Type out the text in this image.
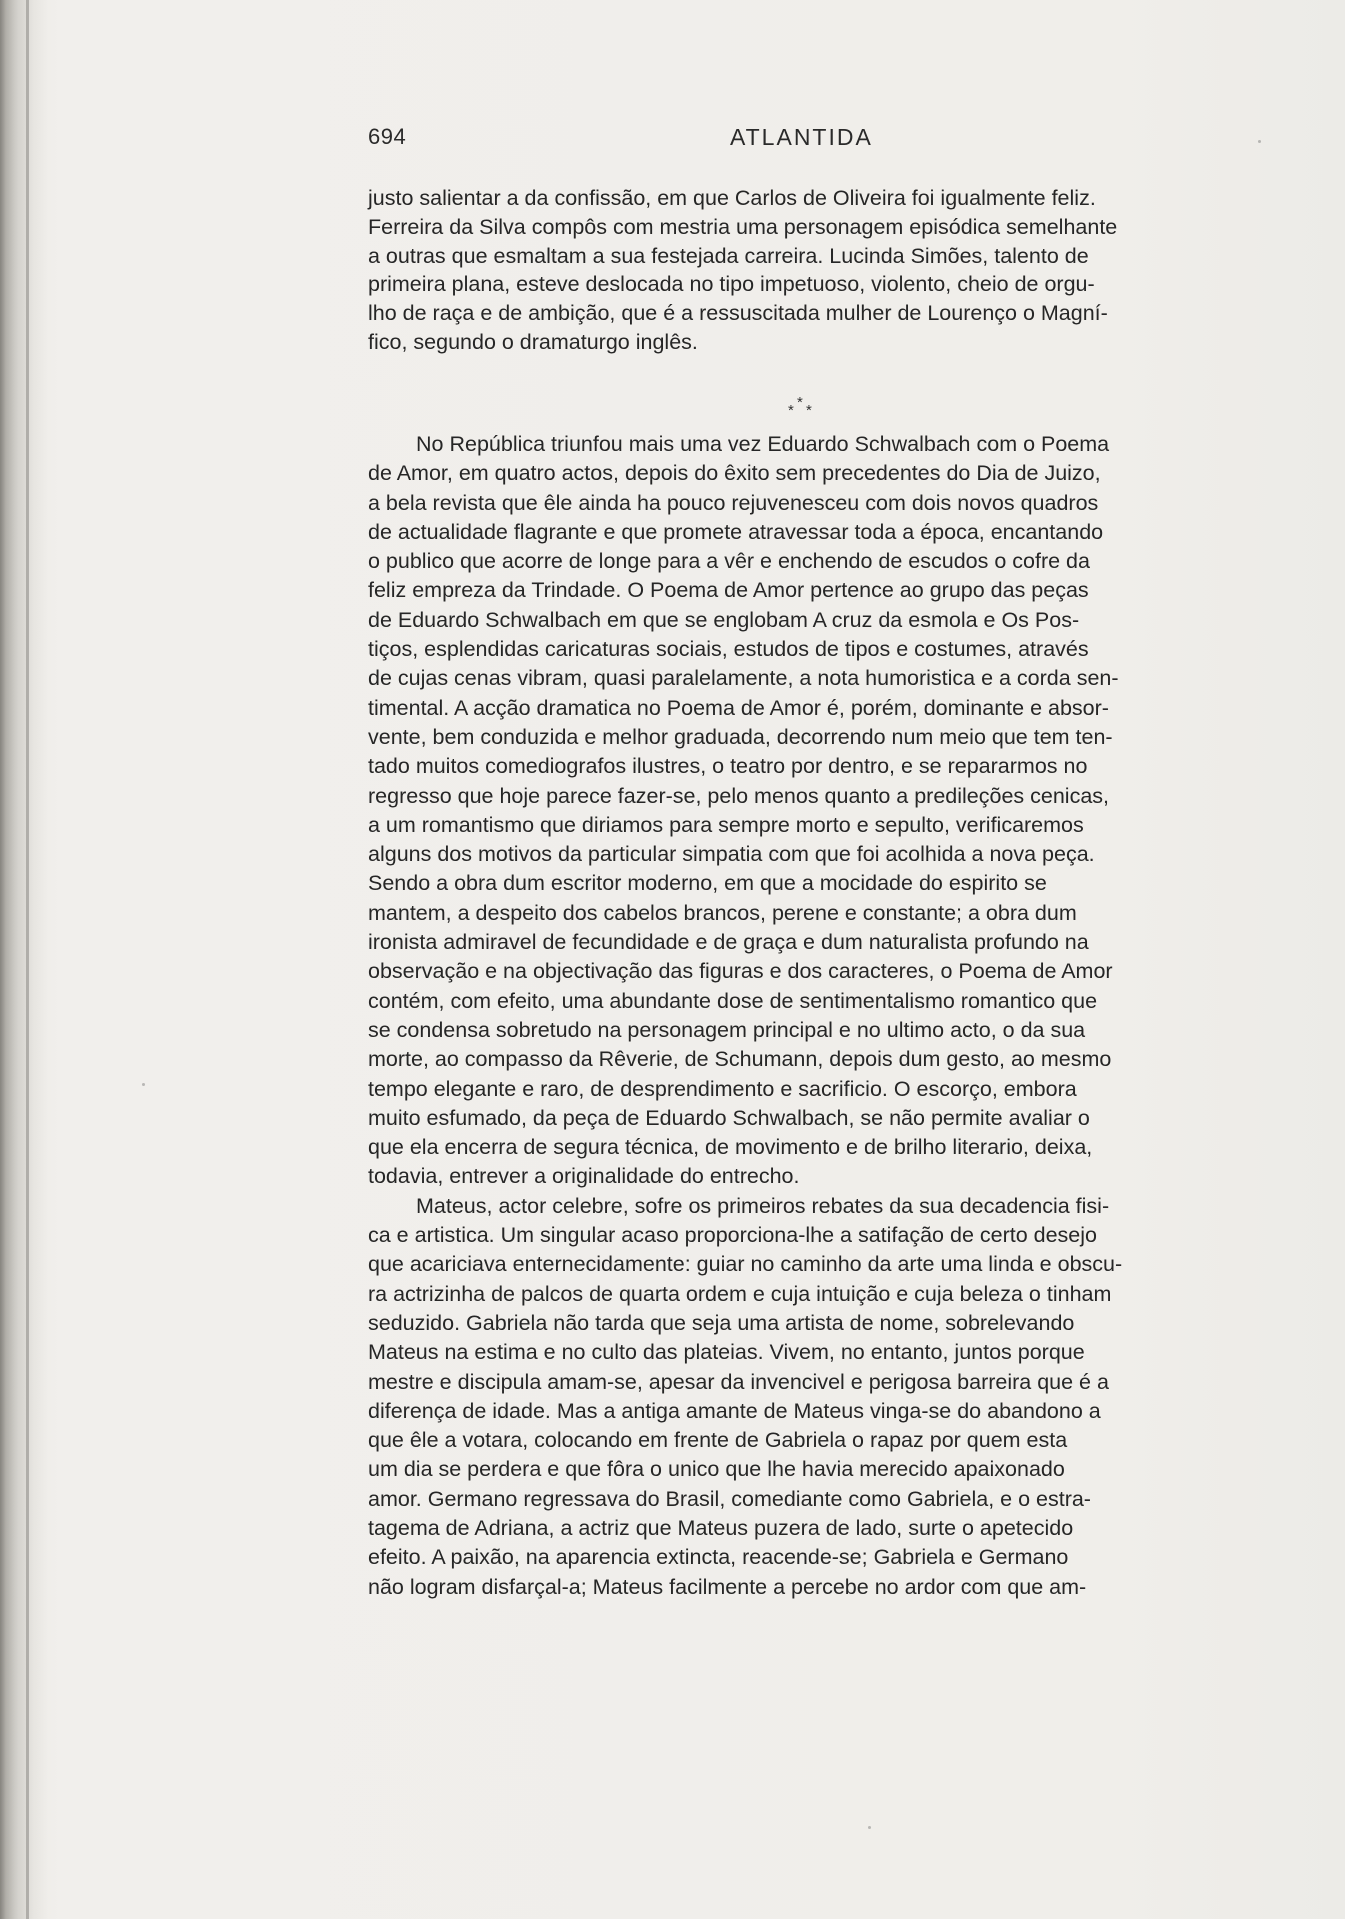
694	ATLANTIDA
justo salientar a da confissão, em que Carlos de Oliveira foi igualmente feliz.
Ferreira da Silva compôs com mestria uma personagem episódica semelhante
a outras que esmaltam a sua festejada carreira. Lucinda Simões, talento de
primeira plana, esteve deslocada no tipo impetuoso, violento, cheio de orgu-
lho de raça e de ambição, que é a ressuscitada mulher de Lourenço o Magní-
fico, segundo o dramaturgo inglês.
*
* *
No República triunfou mais uma vez Eduardo Schwalbach com o Poema
de Amor, em quatro actos, depois do êxito sem precedentes do Dia de Juizo,
a bela revista que êle ainda ha pouco rejuvenesceu com dois novos quadros
de actualidade flagrante e que promete atravessar toda a época, encantando
o publico que acorre de longe para a vêr e enchendo de escudos o cofre da
feliz empreza da Trindade. O Poema de Amor pertence ao grupo das peças
de Eduardo Schwalbach em que se englobam A cruz da esmola e Os Pos-
tiços, esplendidas caricaturas sociais, estudos de tipos e costumes, através
de cujas cenas vibram, quasi paralelamente, a nota humoristica e a corda sen-
timental. A acção dramatica no Poema de Amor é, porém, dominante e absor-
vente, bem conduzida e melhor graduada, decorrendo num meio que tem ten-
tado muitos comediografos ilustres, o teatro por dentro, e se repararmos no
regresso que hoje parece fazer-se, pelo menos quanto a predileções cenicas,
a um romantismo que diriamos para sempre morto e sepulto, verificaremos
alguns dos motivos da particular simpatia com que foi acolhida a nova peça.
Sendo a obra dum escritor moderno, em que a mocidade do espirito se
mantem, a despeito dos cabelos brancos, perene e constante; a obra dum
ironista admiravel de fecundidade e de graça e dum naturalista profundo na
observação e na objectivação das figuras e dos caracteres, o Poema de Amor
contém, com efeito, uma abundante dose de sentimentalismo romantico que
se condensa sobretudo na personagem principal e no ultimo acto, o da sua
morte, ao compasso da Rêverie, de Schumann, depois dum gesto, ao mesmo
tempo elegante e raro, de desprendimento e sacrificio. O escorço, embora
muito esfumado, da peça de Eduardo Schwalbach, se não permite avaliar o
que ela encerra de segura técnica, de movimento e de brilho literario, deixa,
todavia, entrever a originalidade do entrecho.
Mateus, actor celebre, sofre os primeiros rebates da sua decadencia fisi-
ca e artistica. Um singular acaso proporciona-lhe a satifação de certo desejo
que acariciava enternecidamente: guiar no caminho da arte uma linda e obscu-
ra actrizinha de palcos de quarta ordem e cuja intuição e cuja beleza o tinham
seduzido. Gabriela não tarda que seja uma artista de nome, sobrelevando
Mateus na estima e no culto das plateias. Vivem, no entanto, juntos porque
mestre e discipula amam-se, apesar da invencivel e perigosa barreira que é a
diferença de idade. Mas a antiga amante de Mateus vinga-se do abandono a
que êle a votara, colocando em frente de Gabriela o rapaz por quem esta
um dia se perdera e que fôra o unico que lhe havia merecido apaixonado
amor. Germano regressava do Brasil, comediante como Gabriela, e o estra-
tagema de Adriana, a actriz que Mateus puzera de lado, surte o apetecido
efeito. A paixão, na aparencia extincta, reacende-se; Gabriela e Germano
não logram disfarçal-a; Mateus facilmente a percebe no ardor com que am-
